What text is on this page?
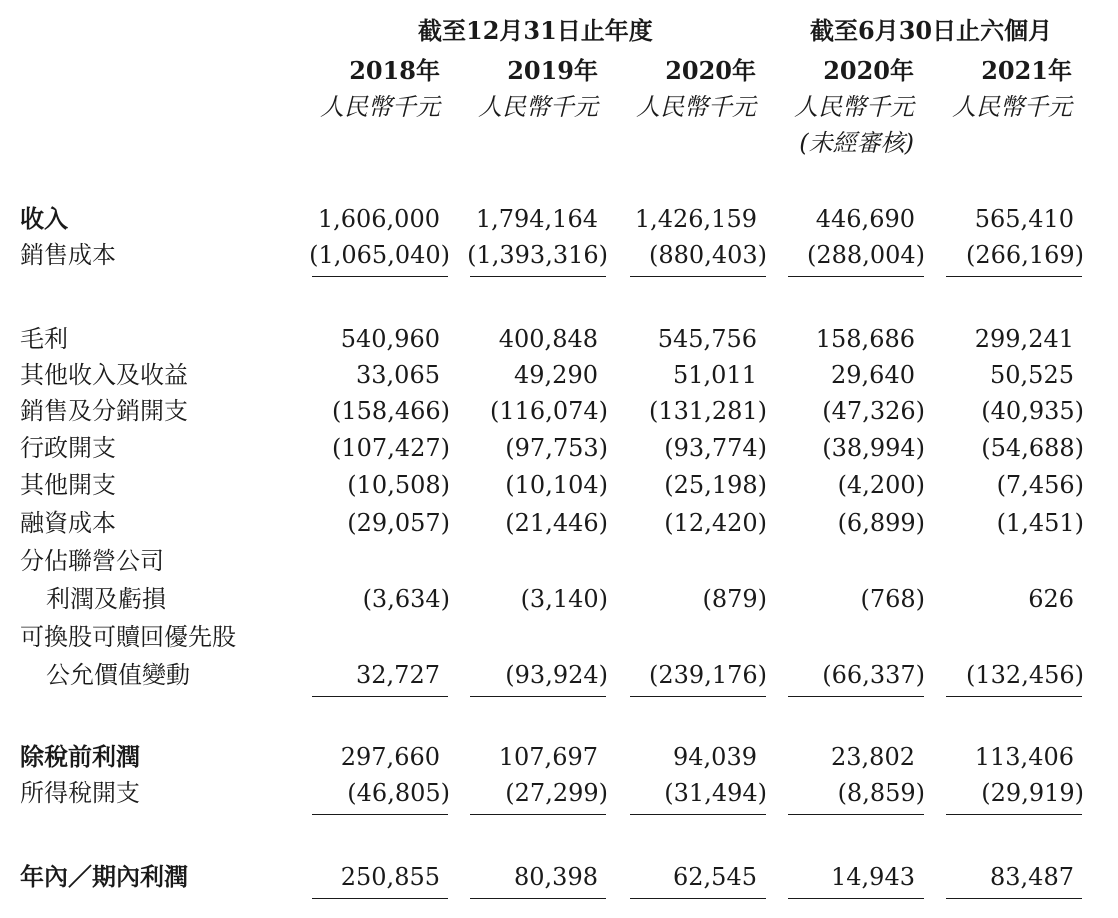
截至12月31日止年度	截至6月30日止六個月
2018年	2019年	2020年	2020年	2021年
人民幣千元	人民幣千元	人民幣千元	人民幣千元	人民幣千元
(未經審核)
收入	1,606,000 1,794,164 1,426,159 446,690 565,410
銷售成本	(1,065,040) (1,393,316) (880,403) (288,004) (266,169)
毛利	540,960 400,848 545,756 158,686 299,241
其他收入及收益	33,065	49,290	51,011	29,640	50,525
銷售及分銷開支	(158,466) (116,074) (131,281) (47,326) (40,935)
行政開支	(107,427) (97,753) (93,774) (38,994) (54,688)
其他開支	(10,508) (10,104) (25,198)	(4,200)	(7,456)
融資成本	(29,057) (21,446) (12,420)	(6,899)	(1,451)
分佔聯營公司
利潤及虧損	(3,634)	(3,140)	(879)	(768)	626
可換股可贖回優先股
公允價值變動	32,727	(93,924) (239,176) (66,337) (132,456)
除稅前利潤	297,660 107,697	94,039	23,802 113,406
所得稅開支	(46,805) (27,299) (31,494)	(8,859) (29,919)
年內／期內利潤	250,855	80,398	62,545	14,943	83,487
